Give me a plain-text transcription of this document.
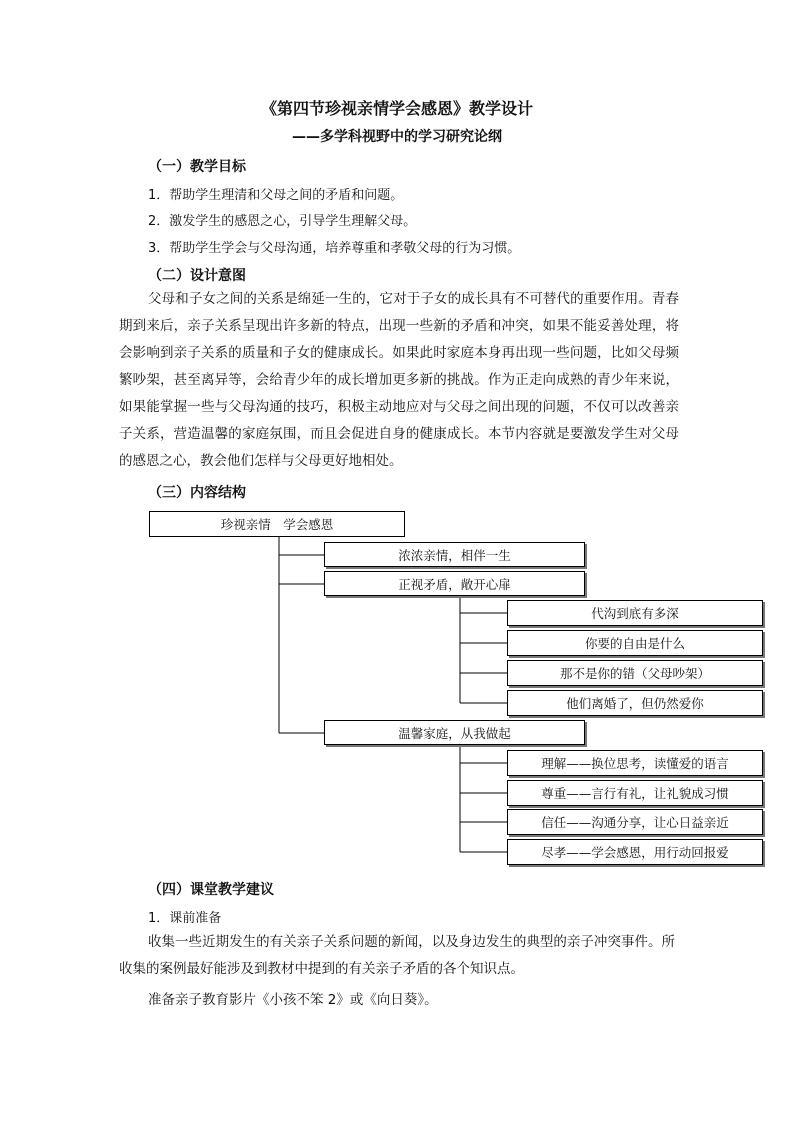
《第四节珍视亲情学会感恩》教学设计
——多学科视野中的学习研究论纲
（一）教学目标
1．帮助学生理清和父母之间的矛盾和问题。
2．激发学生的感恩之心，引导学生理解父母。
3．帮助学生学会与父母沟通，培养尊重和孝敬父母的行为习惯。
（二）设计意图
父母和子女之间的关系是绵延一生的，它对于子女的成长具有不可替代的重要作用。青春期到来后，亲子关系呈现出许多新的特点，出现一些新的矛盾和冲突，如果不能妥善处理，将会影响到亲子关系的质量和子女的健康成长。如果此时家庭本身再出现一些问题，比如父母频繁吵架，甚至离异等，会给青少年的成长增加更多新的挑战。作为正走向成熟的青少年来说，如果能掌握一些与父母沟通的技巧，积极主动地应对与父母之间出现的问题，不仅可以改善亲子关系，营造温馨的家庭氛围，而且会促进自身的健康成长。本节内容就是要激发学生对父母的感恩之心，教会他们怎样与父母更好地相处。
（三）内容结构
珍视亲情　学会感恩
浓浓亲情，相伴一生
正视矛盾，敞开心扉
温馨家庭，从我做起
代沟到底有多深
你要的自由是什么
那不是你的错（父母吵架）
他们离婚了，但仍然爱你
理解——换位思考，读懂爱的语言
尊重——言行有礼，让礼貌成习惯
信任——沟通分享，让心日益亲近
尽孝——学会感恩，用行动回报爱
（四）课堂教学建议
1．课前准备
收集一些近期发生的有关亲子关系问题的新闻，以及身边发生的典型的亲子冲突事件。所收集的案例最好能涉及到教材中提到的有关亲子矛盾的各个知识点。
准备亲子教育影片《小孩不笨 2》或《向日葵》。
